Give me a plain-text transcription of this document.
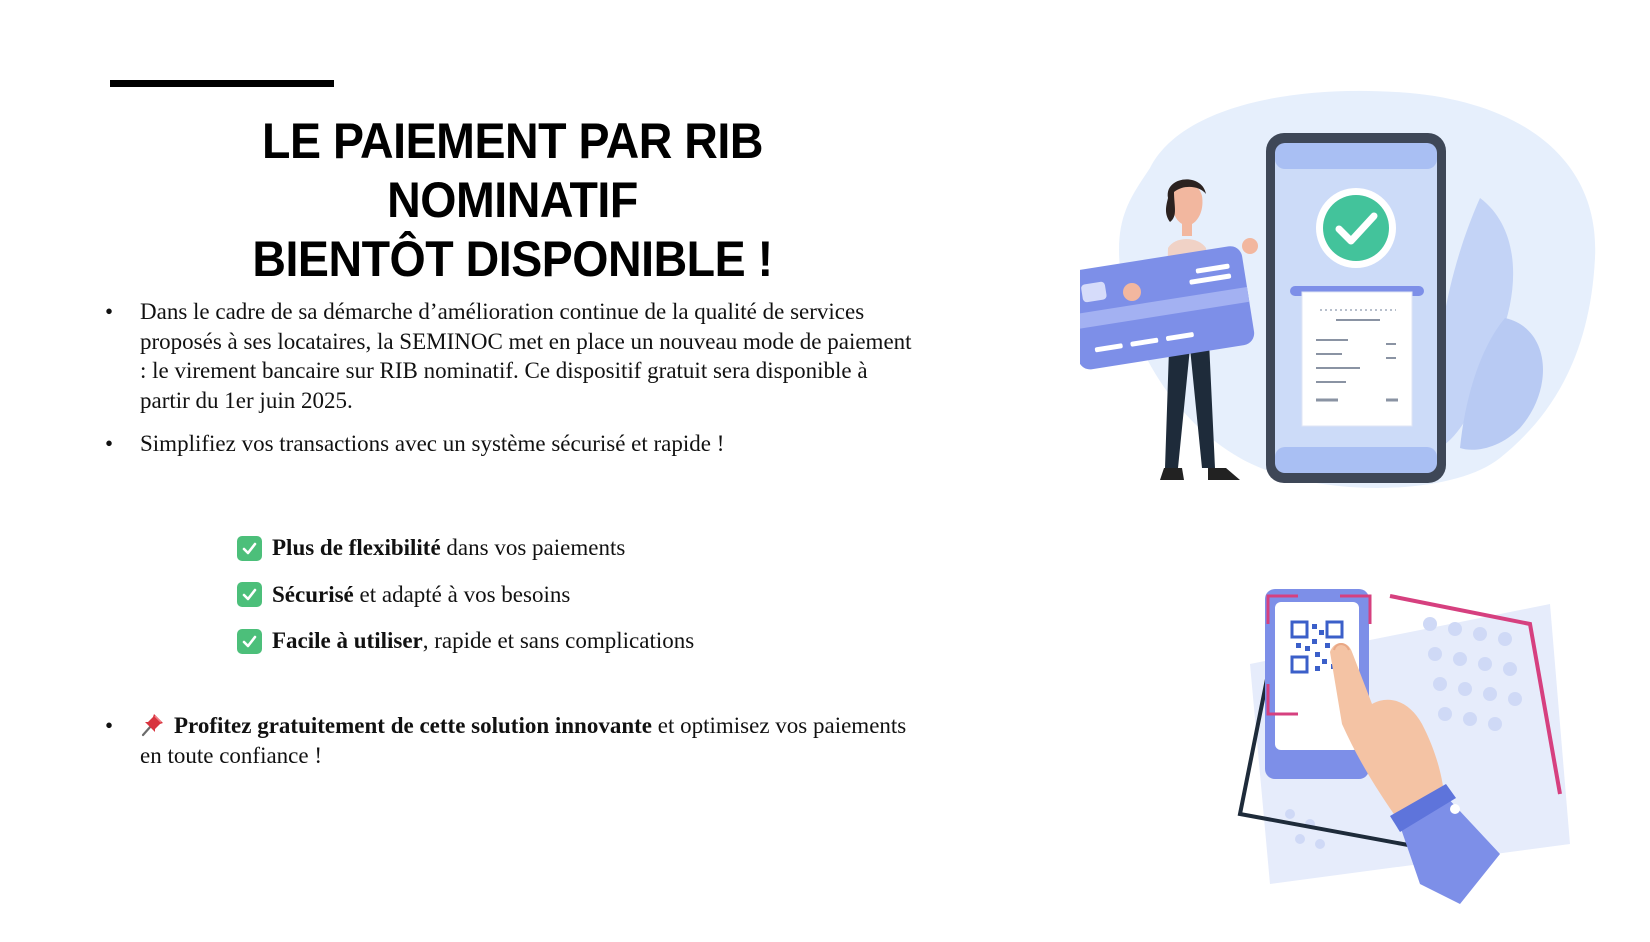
LE PAIEMENT PAR RIB NOMINATIF
BIENTÔT DISPONIBLE !
•	Dans le cadre de sa démarche d’amélioration continue de la qualité de services proposés à ses locataires, la SEMINOC met en place un nouveau mode de paiement : le virement bancaire sur RIB nominatif. Ce dispositif gratuit sera disponible à partir du 1er juin 2025.
•	Simplifiez vos transactions avec un système sécurisé et rapide !
Plus de flexibilité dans vos paiements
Sécurisé et adapté à vos besoins
Facile à utiliser, rapide et sans complications
•	Profitez gratuitement de cette solution innovante et optimisez vos paiements en toute confiance !
